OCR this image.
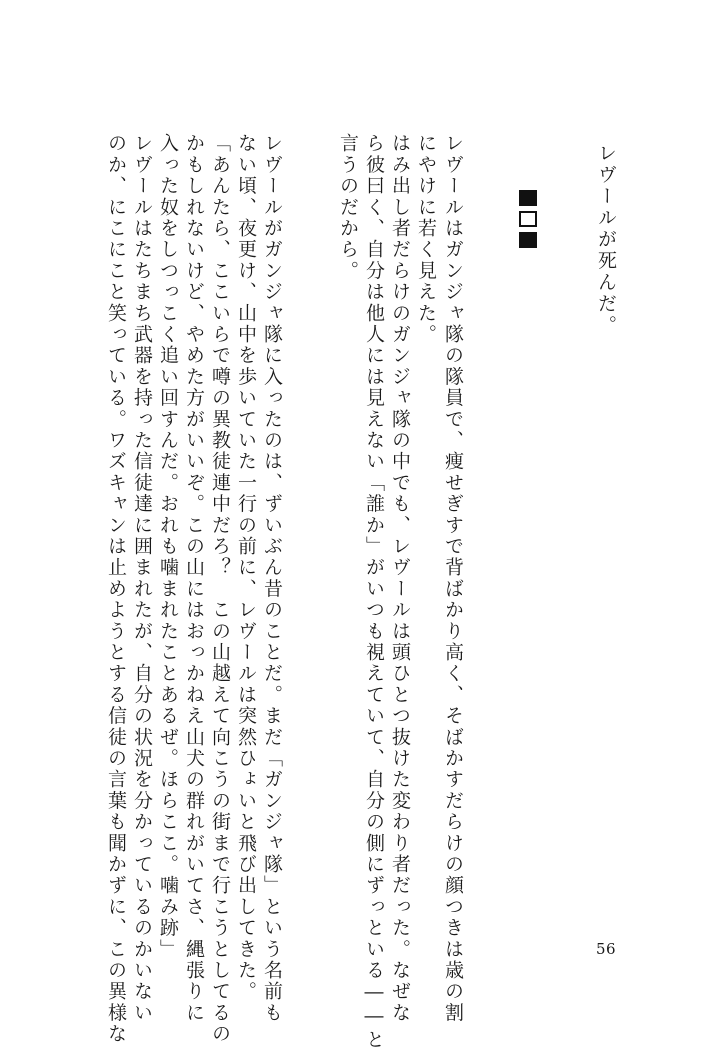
レヴールが死んだ。
レヴールはガンジャ隊の隊員で、痩せぎすで背ばかり高く、そばかすだらけの顔つきは歳の割
にやけに若く見えた。
はみ出し者だらけのガンジャ隊の中でも、レヴールは頭ひとつ抜けた変わり者だった。なぜな
ら彼曰く、自分は他人には見えない「誰か」がいつも視えていて、自分の側にずっといる――と
言うのだから。
レヴールがガンジャ隊に入ったのは、ずいぶん昔のことだ。まだ「ガンジャ隊」という名前も
ない頃、夜更け、山中を歩いていた一行の前に、レヴールは突然ひょいと飛び出してきた。
「あんたら、ここいらで噂の異教徒連中だろ？　この山越えて向こうの街まで行こうとしてるの
かもしれないけど、やめた方がいいぞ。この山にはおっかねえ山犬の群れがいてさ、縄張りに
入った奴をしつっこく追い回すんだ。おれも噛まれたことあるぜ。ほらここ。噛み跡」
レヴールはたちまち武器を持った信徒達に囲まれたが、自分の状況を分かっているのかいない
のか、にこにこと笑っている。ワズキャンは止めようとする信徒の言葉も聞かずに、この異様な	56
